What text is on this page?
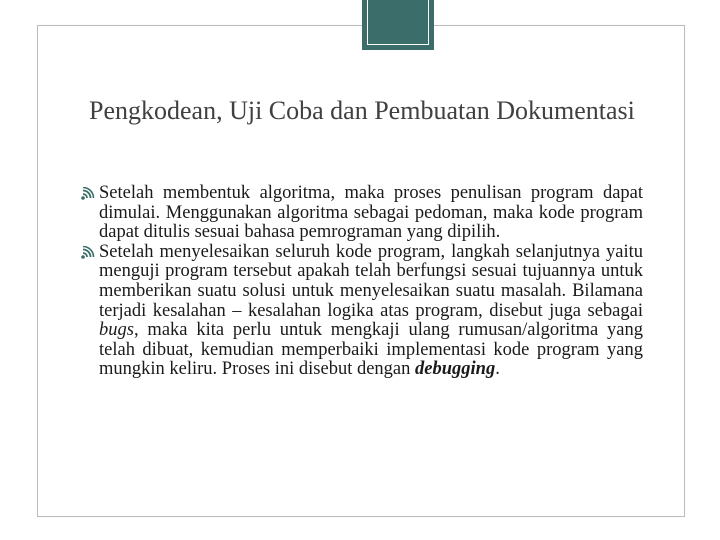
Pengkodean, Uji Coba dan Pembuatan Dokumentasi

Setelah membentuk algoritma, maka proses penulisan program dapat dimulai. Menggunakan algoritma sebagai pedoman, maka kode program dapat ditulis sesuai bahasa pemrograman yang dipilih.

Setelah menyelesaikan seluruh kode program, langkah selanjutnya yaitu menguji program tersebut apakah telah berfungsi sesuai tujuannya untuk memberikan suatu solusi untuk menyelesaikan suatu masalah. Bilamana terjadi kesalahan – kesalahan logika atas program, disebut juga sebagai bugs, maka kita perlu untuk mengkaji ulang rumusan/algoritma yang telah dibuat, kemudian memperbaiki implementasi kode program yang mungkin keliru. Proses ini disebut dengan debugging.
